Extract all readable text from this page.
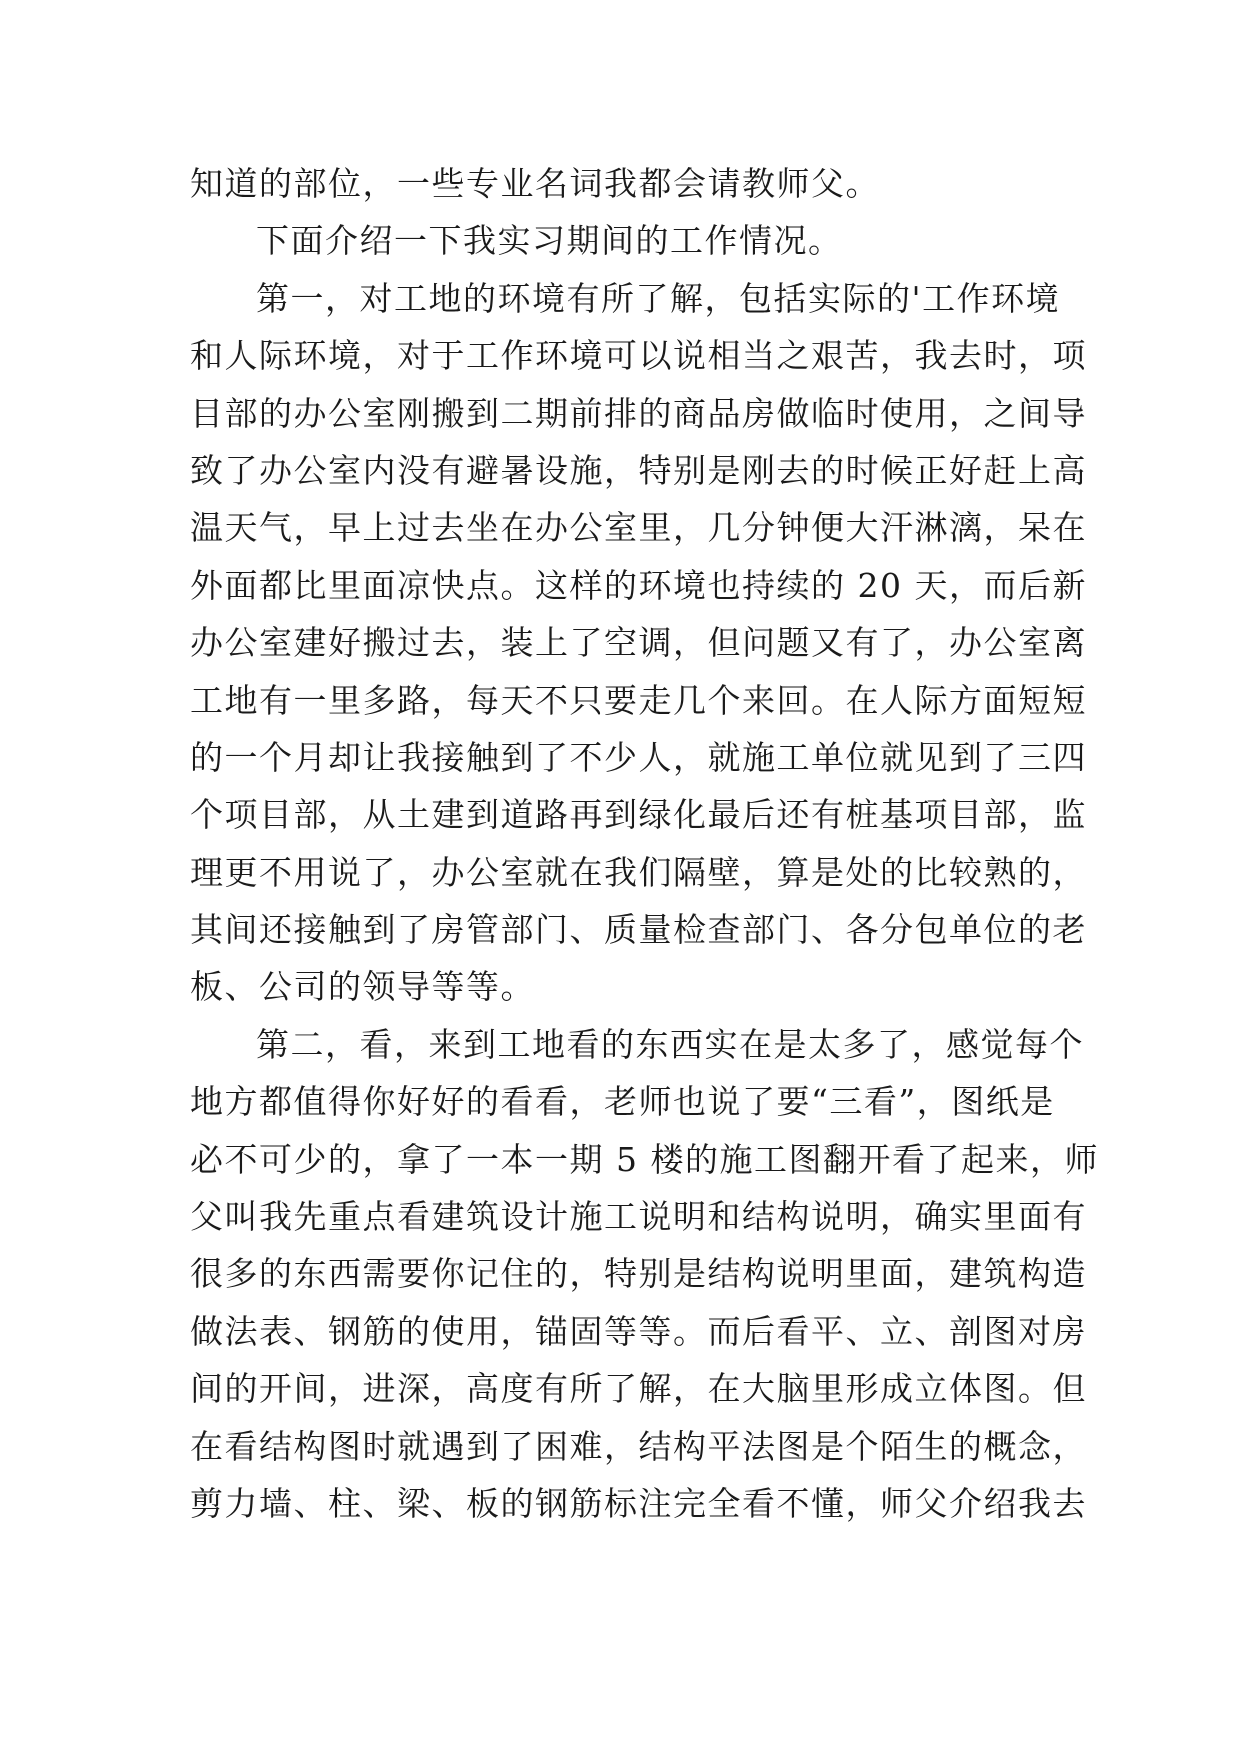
知道的部位，一些专业名词我都会请教师父。
下面介绍一下我实习期间的工作情况。
第一，对工地的环境有所了解，包括实际的'工作环境
和人际环境，对于工作环境可以说相当之艰苦，我去时，项
目部的办公室刚搬到二期前排的商品房做临时使用，之间导
致了办公室内没有避暑设施，特别是刚去的时候正好赶上高
温天气，早上过去坐在办公室里，几分钟便大汗淋漓，呆在
外面都比里面凉快点。这样的环境也持续的 20 天，而后新
办公室建好搬过去，装上了空调，但问题又有了，办公室离
工地有一里多路，每天不只要走几个来回。在人际方面短短
的一个月却让我接触到了不少人，就施工单位就见到了三四
个项目部，从土建到道路再到绿化最后还有桩基项目部，监
理更不用说了，办公室就在我们隔壁，算是处的比较熟的，
其间还接触到了房管部门、质量检查部门、各分包单位的老
板、公司的领导等等。
第二，看，来到工地看的东西实在是太多了，感觉每个
地方都值得你好好的看看，老师也说了要“三看”，图纸是
必不可少的，拿了一本一期 5 楼的施工图翻开看了起来，师
父叫我先重点看建筑设计施工说明和结构说明，确实里面有
很多的东西需要你记住的，特别是结构说明里面，建筑构造
做法表、钢筋的使用，锚固等等。而后看平、立、剖图对房
间的开间，进深，高度有所了解，在大脑里形成立体图。但
在看结构图时就遇到了困难，结构平法图是个陌生的概念，
剪力墙、柱、梁、板的钢筋标注完全看不懂，师父介绍我去
